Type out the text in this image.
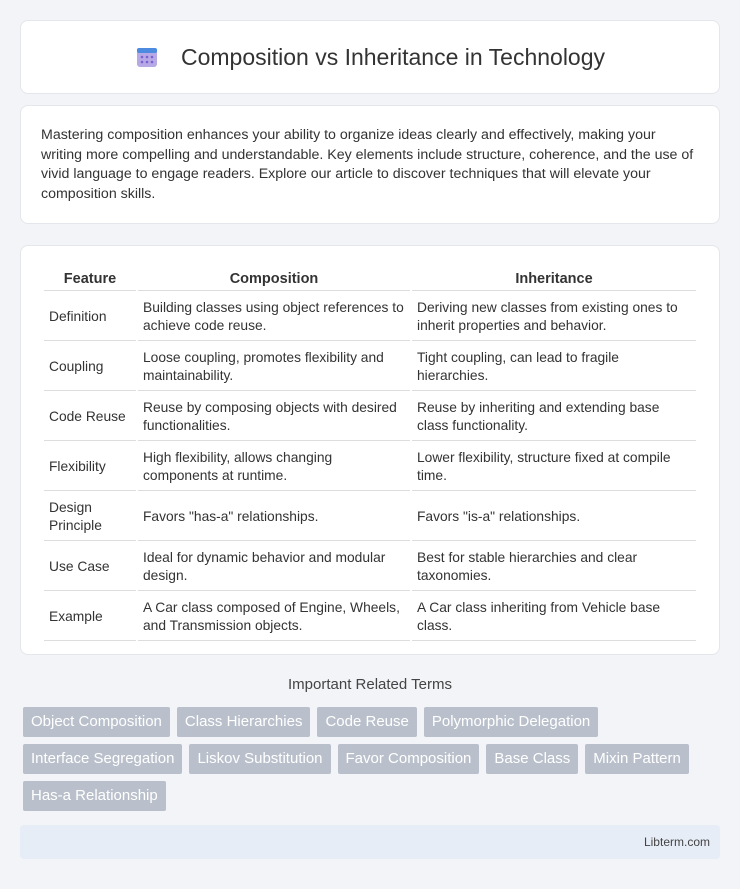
Composition vs Inheritance in Technology

Mastering composition enhances your ability to organize ideas clearly and effectively, making your writing more compelling and understandable. Key elements include structure, coherence, and the use of vivid language to engage readers. Explore our article to discover techniques that will elevate your composition skills.

Feature	Composition	Inheritance
Definition	Building classes using object references to achieve code reuse.	Deriving new classes from existing ones to inherit properties and behavior.
Coupling	Loose coupling, promotes flexibility and maintainability.	Tight coupling, can lead to fragile hierarchies.
Code Reuse	Reuse by composing objects with desired functionalities.	Reuse by inheriting and extending base class functionality.
Flexibility	High flexibility, allows changing components at runtime.	Lower flexibility, structure fixed at compile time.
Design Principle	Favors "has-a" relationships.	Favors "is-a" relationships.
Use Case	Ideal for dynamic behavior and modular design.	Best for stable hierarchies and clear taxonomies.
Example	A Car class composed of Engine, Wheels, and Transmission objects.	A Car class inheriting from Vehicle base class.
Important Related Terms
Object Composition	Class Hierarchies	Code Reuse	Polymorphic Delegation
Interface Segregation	Liskov Substitution	Favor Composition	Base Class	Mixin Pattern
Has-a Relationship
Libterm.com
